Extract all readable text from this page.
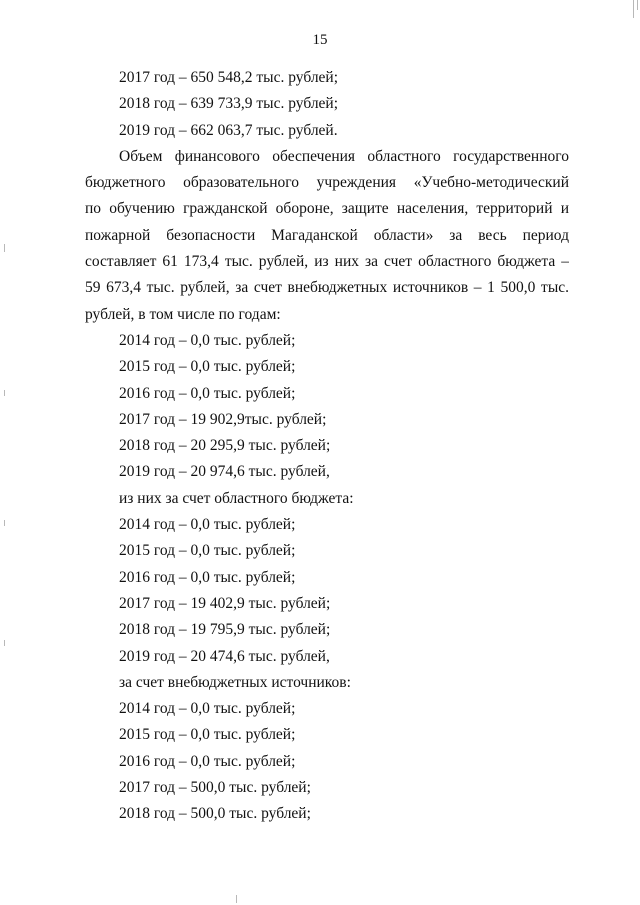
15
2017 год – 650 548,2 тыс. рублей;
2018 год – 639 733,9 тыс. рублей;
2019 год – 662 063,7 тыс. рублей.
Объем финансового обеспечения областного государственного
бюджетного образовательного учреждения «Учебно-методический
по обучению гражданской обороне, защите населения, территорий и
пожарной безопасности Магаданской области» за весь период
составляет 61 173,4 тыс. рублей, из них за счет областного бюджета –
59 673,4 тыс. рублей, за счет внебюджетных источников – 1 500,0 тыс.
рублей, в том числе по годам:
2014 год – 0,0 тыс. рублей;
2015 год – 0,0 тыс. рублей;
2016 год – 0,0 тыс. рублей;
2017 год – 19 902,9тыс. рублей;
2018 год – 20 295,9 тыс. рублей;
2019 год – 20 974,6 тыс. рублей,
из них за счет областного бюджета:
2014 год – 0,0 тыс. рублей;
2015 год – 0,0 тыс. рублей;
2016 год – 0,0 тыс. рублей;
2017 год – 19 402,9 тыс. рублей;
2018 год – 19 795,9 тыс. рублей;
2019 год – 20 474,6 тыс. рублей,
за счет внебюджетных источников:
2014 год – 0,0 тыс. рублей;
2015 год – 0,0 тыс. рублей;
2016 год – 0,0 тыс. рублей;
2017 год – 500,0 тыс. рублей;
2018 год – 500,0 тыс. рублей;
